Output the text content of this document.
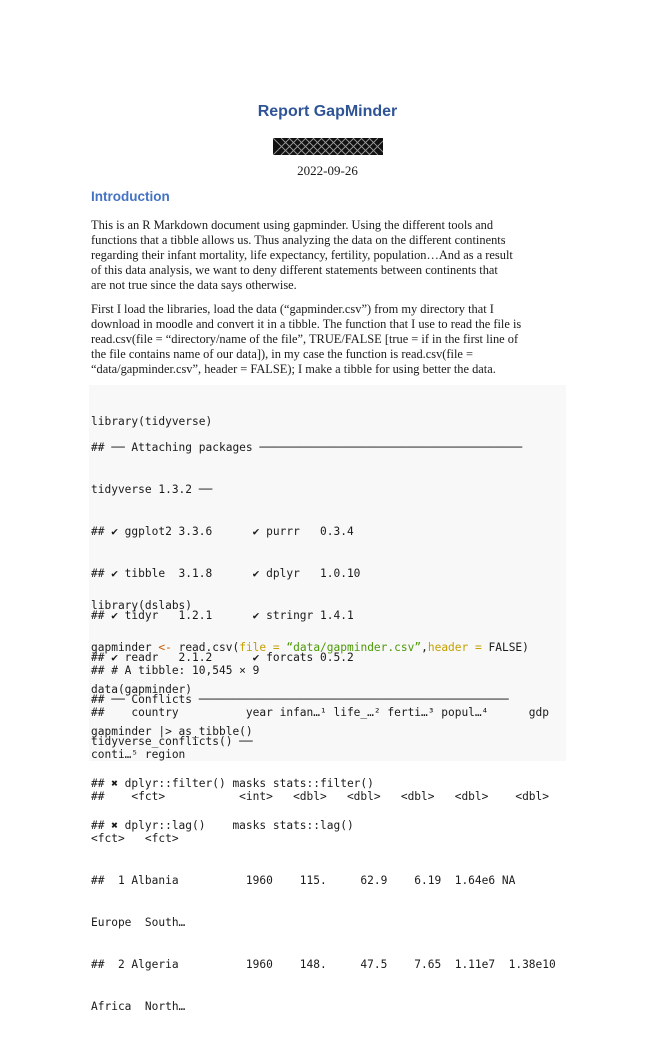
Report GapMinder
2022-09-26
Introduction

This is an R Markdown document using gapminder. Using the different tools and
functions that a tibble allows us. Thus analyzing the data on the different continents
regarding their infant mortality, life expectancy, fertility, population…And as a result
of this data analysis, we want to deny different statements between continents that
are not true since the data says otherwise.

First I load the libraries, load the data (“gapminder.csv”) from my directory that I
download in moodle and convert it in a tibble. The function that I use to read the file is
read.csv(file = “directory/name of the file”, TRUE/FALSE [true = if in the first line of
the file contains name of our data]), in my case the function is read.csv(file =
“data/gapminder.csv”, header = FALSE); I make a tibble for using better the data.

library(tidyverse)

## ── Attaching packages ───────────────────────────────────────

tidyverse 1.3.2 ──

## ✔ ggplot2 3.3.6      ✔ purrr   0.3.4

## ✔ tibble  3.1.8      ✔ dplyr   1.0.10

## ✔ tidyr   1.2.1      ✔ stringr 1.4.1

## ✔ readr   2.1.2      ✔ forcats 0.5.2

## ── Conflicts ──────────────────────────────────────────────

tidyverse_conflicts() ──

## ✖ dplyr::filter() masks stats::filter()

## ✖ dplyr::lag()    masks stats::lag()

library(dslabs)

gapminder <- read.csv(file = “data/gapminder.csv”,header = FALSE)

data(gapminder)

gapminder |> as_tibble()

## # A tibble: 10,545 × 9

##    country          year infan…¹ life_…² ferti…³ popul…⁴      gdp

conti…⁵ region

##    <fct>           <int>   <dbl>   <dbl>   <dbl>   <dbl>    <dbl>

<fct>   <fct>

##  1 Albania          1960    115.     62.9    6.19  1.64e6 NA

Europe  South…

##  2 Algeria          1960    148.     47.5    7.65  1.11e7  1.38e10

Africa  North…
